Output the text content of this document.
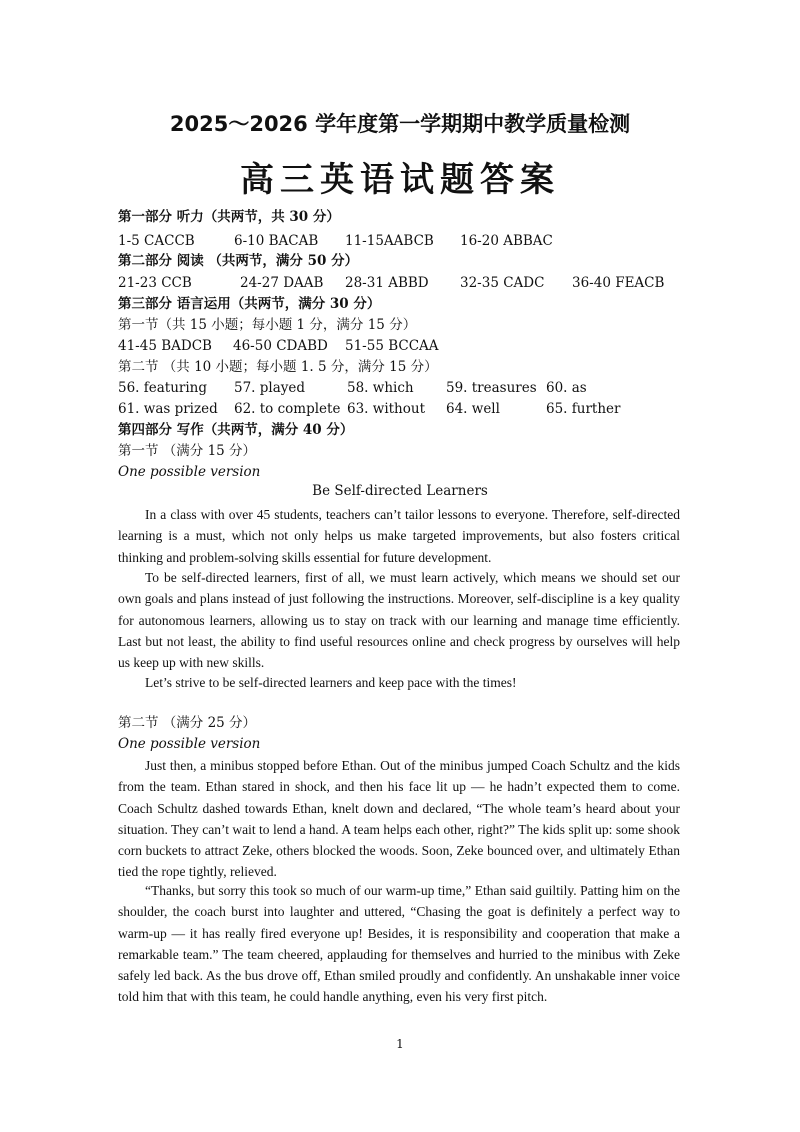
2025～2026 学年度第一学期期中教学质量检测
高三英语试题答案
第一部分 听力（共两节，共 30 分）
1-5 CACCB	6-10 BACAB 11-15AABCB 16-20 ABBAC
第二部分 阅读 （共两节，满分 50 分）
21-23 CCB	24-27 DAAB 28-31 ABBD 32-35 CADC 36-40 FEACB
第三部分 语言运用（共两节，满分 30 分）
第一节（共 15 小题；每小题 1 分，满分 15 分）
41-45 BADCB 46-50 CDABD 51-55 BCCAA
第二节 （共 10 小题；每小题 1. 5 分，满分 15 分）
56. featuring 57. played	58. which 59. treasures 60. as
61. was prized 62. to complete 63. without 64. well	65. further
第四部分 写作（共两节，满分 40 分）
第一节 （满分 15 分）
One possible version
Be Self-directed Learners
In a class with over 45 students, teachers can’t tailor lessons to everyone. Therefore, self-directed learning is a must, which not only helps us make targeted improvements, but also fosters critical thinking and problem-solving skills essential for future development.
To be self-directed learners, first of all, we must learn actively, which means we should set our own goals and plans instead of just following the instructions. Moreover, self-discipline is a key quality for autonomous learners, allowing us to stay on track with our learning and manage time efficiently. Last but not least, the ability to find useful resources online and check progress by ourselves will help us keep up with new skills.
Let’s strive to be self-directed learners and keep pace with the times!
第二节 （满分 25 分）
One possible version
Just then, a minibus stopped before Ethan. Out of the minibus jumped Coach Schultz and the kids from the team. Ethan stared in shock, and then his face lit up — he hadn’t expected them to come. Coach Schultz dashed towards Ethan, knelt down and declared, “The whole team’s heard about your situation. They can’t wait to lend a hand. A team helps each other, right?” The kids split up: some shook corn buckets to attract Zeke, others blocked the woods. Soon, Zeke bounced over, and ultimately Ethan tied the rope tightly, relieved.
“Thanks, but sorry this took so much of our warm-up time,” Ethan said guiltily. Patting him on the shoulder, the coach burst into laughter and uttered, “Chasing the goat is definitely a perfect way to warm-up — it has really fired everyone up! Besides, it is responsibility and cooperation that make a remarkable team.” The team cheered, applauding for themselves and hurried to the minibus with Zeke safely led back. As the bus drove off, Ethan smiled proudly and confidently. An unshakable inner voice told him that with this team, he could handle anything, even his very first pitch.
1
